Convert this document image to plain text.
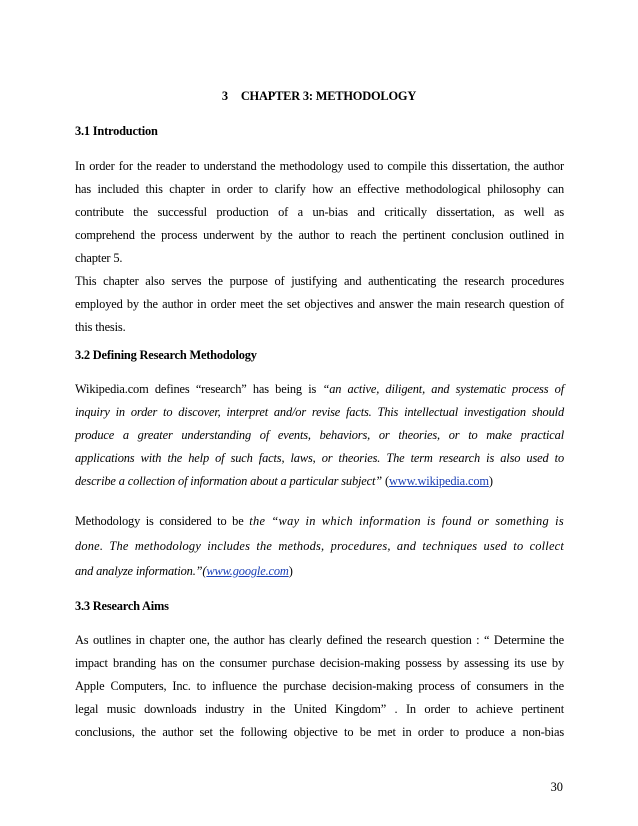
3 CHAPTER 3: METHODOLOGY
3.1 Introduction
In order for the reader to understand the methodology used to compile this dissertation, the author
has included this chapter in order to clarify how an effective methodological philosophy can
contribute the successful production of a un-bias and critically dissertation, as well as
comprehend the process underwent by the author to reach the pertinent conclusion outlined in
chapter 5.
This chapter also serves the purpose of justifying and authenticating the research procedures
employed by the author in order meet the set objectives and answer the main research question of
this thesis.
3.2 Defining Research Methodology
Wikipedia.com defines “research” has being is “an active, diligent, and systematic process of
inquiry in order to discover, interpret and/or revise facts. This intellectual investigation should
produce a greater understanding of events, behaviors, or theories, or to make practical
applications with the help of such facts, laws, or theories. The term research is also used to
describe a collection of information about a particular subject” (www.wikipedia.com)
Methodology is considered to be the “way in which information is found or something is
done. The methodology includes the methods, procedures, and techniques used to collect
and analyze information.”(www.google.com)
3.3 Research Aims
As outlines in chapter one, the author has clearly defined the research question : “ Determine the
impact branding has on the consumer purchase decision-making possess by assessing its use by
Apple Computers, Inc. to influence the purchase decision-making process of consumers in the
legal music downloads industry in the United Kingdom” . In order to achieve pertinent
conclusions, the author set the following objective to be met in order to produce a non-bias
30
